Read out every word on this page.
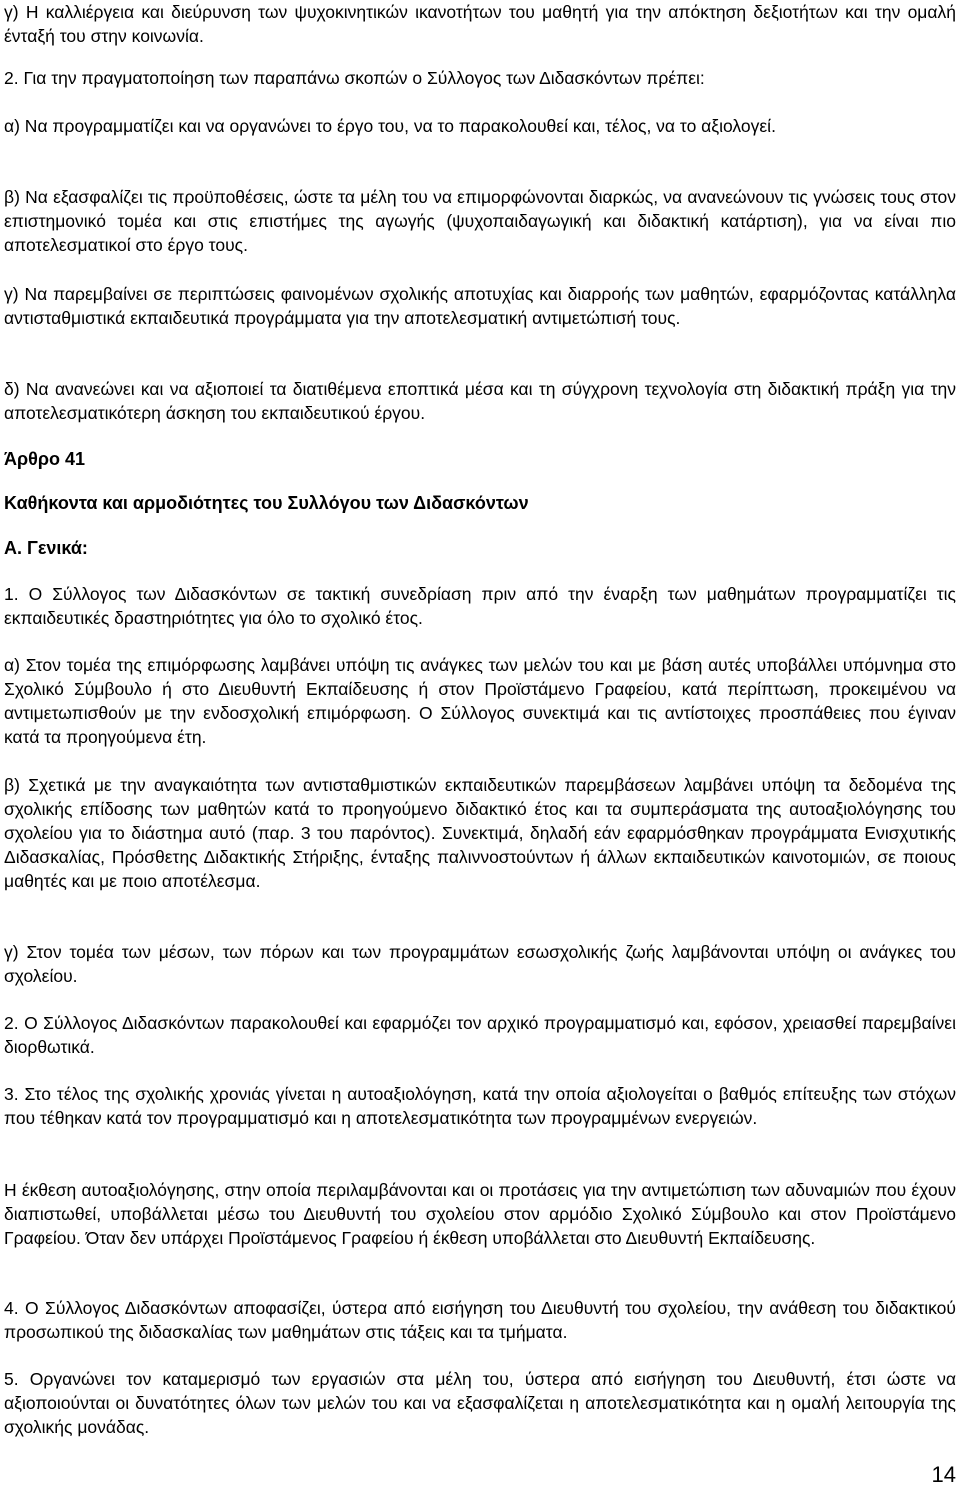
γ) Η καλλιέργεια και διεύρυνση των ψυχοκινητικών ικανοτήτων του μαθητή για την απόκτηση δεξιοτήτων και την ομαλή ένταξή του στην κοινωνία.

2. Για την πραγματοποίηση των παραπάνω σκοπών ο Σύλλογος των Διδασκόντων πρέπει:

α) Να προγραμματίζει και να οργανώνει το έργο του, να το παρακολουθεί και, τέλος, να το αξιολογεί.

β) Να εξασφαλίζει τις προϋποθέσεις, ώστε τα μέλη του να επιμορφώνονται διαρκώς, να ανανεώνουν τις γνώσεις τους στον επιστημονικό τομέα και στις επιστήμες της αγωγής (ψυχοπαιδαγωγική και διδακτική κατάρτιση), για να είναι πιο αποτελεσματικοί στο έργο τους.

γ) Να παρεμβαίνει σε περιπτώσεις φαινομένων σχολικής αποτυχίας και διαρροής των μαθητών, εφαρμόζοντας κατάλληλα αντισταθμιστικά εκπαιδευτικά προγράμματα για την αποτελεσματική αντιμετώπισή τους.

δ) Να ανανεώνει και να αξιοποιεί τα διατιθέμενα εποπτικά μέσα και τη σύγχρονη τεχνολογία στη διδακτική πράξη για την αποτελεσματικότερη άσκηση του εκπαιδευτικού έργου.

Άρθρο 41

Καθήκοντα και αρμοδιότητες του Συλλόγου των Διδασκόντων

Α. Γενικά:

1. Ο Σύλλογος των Διδασκόντων σε τακτική συνεδρίαση πριν από την έναρξη των μαθημάτων προγραμματίζει τις εκπαιδευτικές δραστηριότητες για όλο το σχολικό έτος.

α) Στον τομέα της επιμόρφωσης λαμβάνει υπόψη τις ανάγκες των μελών του και με βάση αυτές υποβάλλει υπόμνημα στο Σχολικό Σύμβουλο ή στο Διευθυντή Εκπαίδευσης ή στον Προϊστάμενο Γραφείου, κατά περίπτωση, προκειμένου να αντιμετωπισθούν με την ενδοσχολική επιμόρφωση. Ο Σύλλογος συνεκτιμά και τις αντίστοιχες προσπάθειες που έγιναν κατά τα προηγούμενα έτη.

β) Σχετικά με την αναγκαιότητα των αντισταθμιστικών εκπαιδευτικών παρεμβάσεων λαμβάνει υπόψη τα δεδομένα της σχολικής επίδοσης των μαθητών κατά το προηγούμενο διδακτικό έτος και τα συμπεράσματα της αυτοαξιολόγησης του σχολείου για το διάστημα αυτό (παρ. 3 του παρόντος). Συνεκτιμά, δηλαδή εάν εφαρμόσθηκαν προγράμματα Ενισχυτικής Διδασκαλίας, Πρόσθετης Διδακτικής Στήριξης, ένταξης παλιννοστούντων ή άλλων εκπαιδευτικών καινοτομιών, σε ποιους μαθητές και με ποιο αποτέλεσμα.

γ) Στον τομέα των μέσων, των πόρων και των προγραμμάτων εσωσχολικής ζωής λαμβάνονται υπόψη οι ανάγκες του σχολείου.

2. Ο Σύλλογος Διδασκόντων παρακολουθεί και εφαρμόζει τον αρχικό προγραμματισμό και, εφόσον, χρειασθεί παρεμβαίνει διορθωτικά.

3. Στο τέλος της σχολικής χρονιάς γίνεται η αυτοαξιολόγηση, κατά την οποία αξιολογείται ο βαθμός επίτευξης των στόχων που τέθηκαν κατά τον προγραμματισμό και η αποτελεσματικότητα των προγραμμένων ενεργειών.

Η έκθεση αυτοαξιολόγησης, στην οποία περιλαμβάνονται και οι προτάσεις για την αντιμετώπιση των αδυναμιών που έχουν διαπιστωθεί, υποβάλλεται μέσω του Διευθυντή του σχολείου στον αρμόδιο Σχολικό Σύμβουλο και στον Προϊστάμενο Γραφείου. Όταν δεν υπάρχει Προϊστάμενος Γραφείου ή έκθεση υποβάλλεται στο Διευθυντή Εκπαίδευσης.

4. Ο Σύλλογος Διδασκόντων αποφασίζει, ύστερα από εισήγηση του Διευθυντή του σχολείου, την ανάθεση του διδακτικού προσωπικού της διδασκαλίας των μαθημάτων στις τάξεις και τα τμήματα.

5. Οργανώνει τον καταμερισμό των εργασιών στα μέλη του, ύστερα από εισήγηση του Διευθυντή, έτσι ώστε να αξιοποιούνται οι δυνατότητες όλων των μελών του και να εξασφαλίζεται η αποτελεσματικότητα και η ομαλή λειτουργία της σχολικής μονάδας.

14
